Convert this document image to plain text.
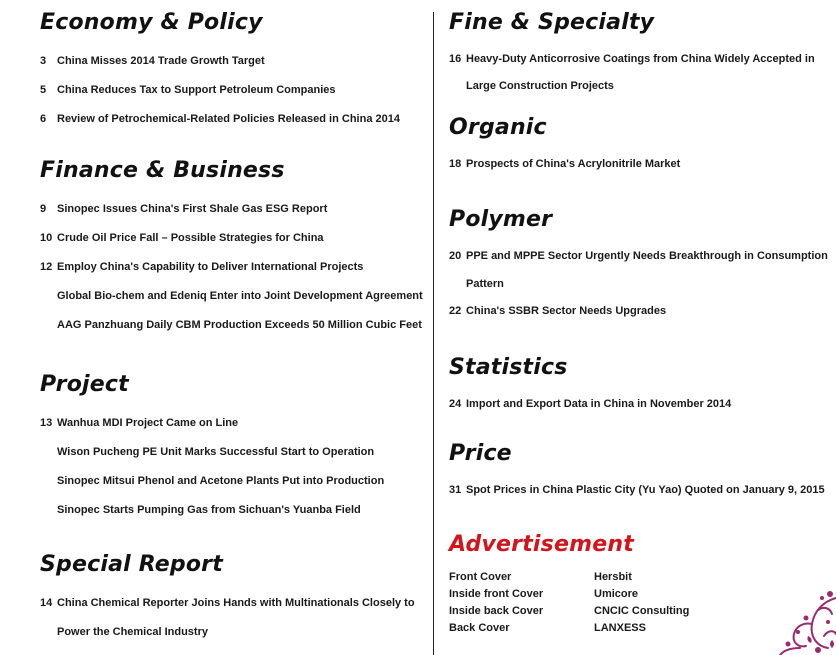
Economy & Policy
3 China Misses 2014 Trade Growth Target
5 China Reduces Tax to Support Petroleum Companies
6 Review of Petrochemical-Related Policies Released in China 2014
Finance & Business
9 Sinopec Issues China's First Shale Gas ESG Report
10 Crude Oil Price Fall – Possible Strategies for China
12 Employ China's Capability to Deliver International Projects
Global Bio-chem and Edeniq Enter into Joint Development Agreement
AAG Panzhuang Daily CBM Production Exceeds 50 Million Cubic Feet
Project
13 Wanhua MDI Project Came on Line
Wison Pucheng PE Unit Marks Successful Start to Operation
Sinopec Mitsui Phenol and Acetone Plants Put into Production
Sinopec Starts Pumping Gas from Sichuan's Yuanba Field
Special Report
14 China Chemical Reporter Joins Hands with Multinationals Closely to
Power the Chemical Industry
Fine & Specialty
16 Heavy-Duty Anticorrosive Coatings from China Widely Accepted in
Large Construction Projects
Organic
18 Prospects of China's Acrylonitrile Market
Polymer
20 PPE and MPPE Sector Urgently Needs Breakthrough in Consumption
Pattern
22 China's SSBR Sector Needs Upgrades
Statistics
24 Import and Export Data in China in November 2014
Price
31 Spot Prices in China Plastic City (Yu Yao) Quoted on January 9, 2015
Advertisement
Front Cover	Hersbit
Inside front Cover	Umicore
Inside back Cover	CNCIC Consulting
Back Cover	LANXESS
